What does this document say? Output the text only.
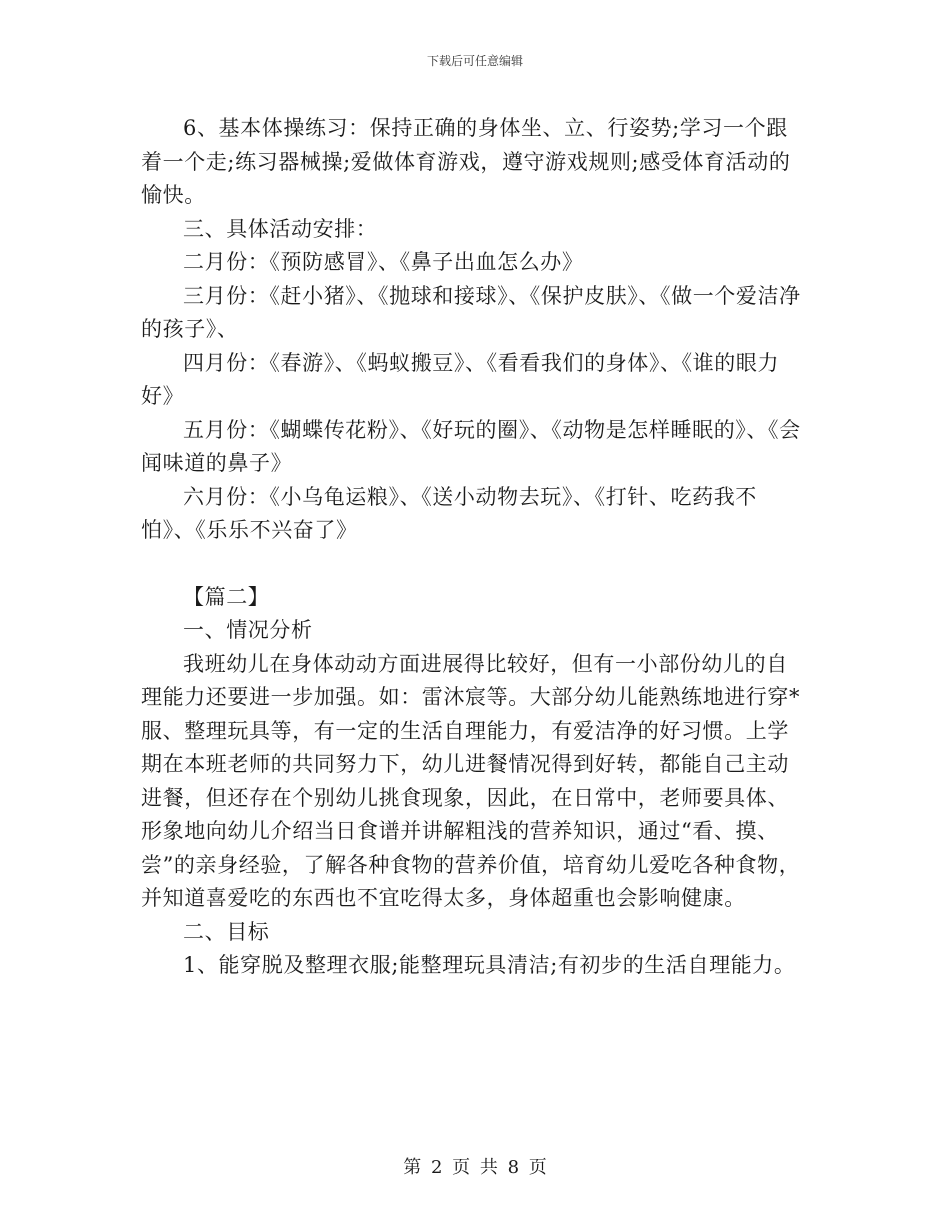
下载后可任意编辑

6、基本体操练习：保持正确的身体坐、立、行姿势;学习一个跟着一个走;练习器械操;爱做体育游戏，遵守游戏规则;感受体育活动的愉快。

三、具体活动安排：

二月份：《预防感冒》、《鼻子出血怎么办》

三月份：《赶小猪》、《抛球和接球》、《保护皮肤》、《做一个爱洁净的孩子》、

四月份：《春游》、《蚂蚁搬豆》、《看看我们的身体》、《谁的眼力好》

五月份：《蝴蝶传花粉》、《好玩的圈》、《动物是怎样睡眠的》、《会闻味道的鼻子》

六月份：《小乌龟运粮》、《送小动物去玩》、《打针、吃药我不怕》、《乐乐不兴奋了》

【篇二】

一、情况分析

我班幼儿在身体动动方面进展得比较好，但有一小部份幼儿的自理能力还要进一步加强。如：雷沐宸等。大部分幼儿能熟练地进行穿*服、整理玩具等，有一定的生活自理能力，有爱洁净的好习惯。上学期在本班老师的共同努力下，幼儿进餐情况得到好转，都能自己主动进餐，但还存在个别幼儿挑食现象，因此，在日常中，老师要具体、形象地向幼儿介绍当日食谱并讲解粗浅的营养知识，通过“看、摸、尝”的亲身经验，了解各种食物的营养价值，培育幼儿爱吃各种食物，并知道喜爱吃的东西也不宜吃得太多，身体超重也会影响健康。

二、目标

1、能穿脱及整理衣服;能整理玩具清洁;有初步的生活自理能力。

第 2 页 共 8 页
